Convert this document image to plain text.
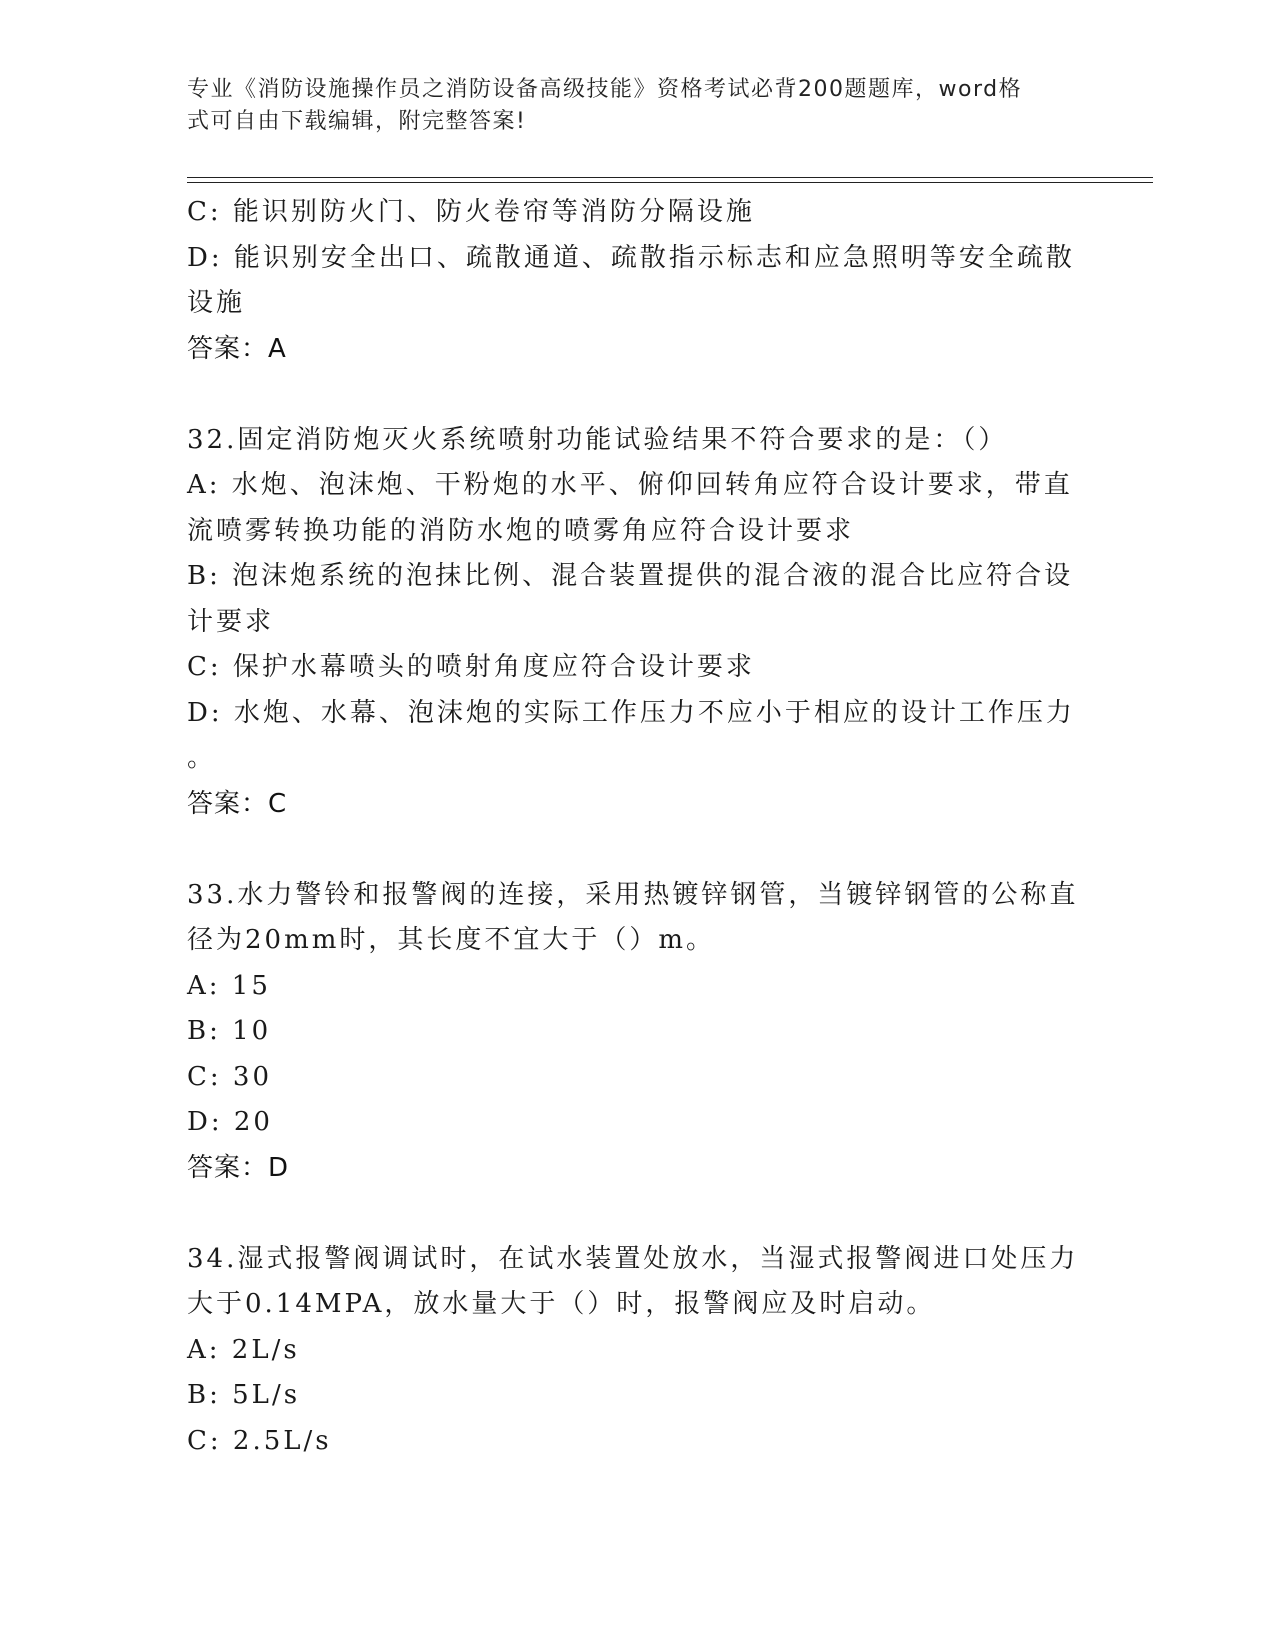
专业《消防设施操作员之消防设备高级技能》资格考试必背200题题库，word格
式可自由下载编辑，附完整答案!
C: 能识别防火门、防火卷帘等消防分隔设施
D: 能识别安全出口、疏散通道、疏散指示标志和应急照明等安全疏散
设施
答案：A
32.固定消防炮灭火系统喷射功能试验结果不符合要求的是：（）
A: 水炮、泡沫炮、干粉炮的水平、俯仰回转角应符合设计要求，带直
流喷雾转换功能的消防水炮的喷雾角应符合设计要求
B: 泡沫炮系统的泡抹比例、混合装置提供的混合液的混合比应符合设
计要求
C: 保护水幕喷头的喷射角度应符合设计要求
D: 水炮、水幕、泡沫炮的实际工作压力不应小于相应的设计工作压力
。
答案：C
33.水力警铃和报警阀的连接，采用热镀锌钢管，当镀锌钢管的公称直
径为20mm时，其长度不宜大于（）m。
A: 15
B: 10
C: 30
D: 20
答案：D
34.湿式报警阀调试时，在试水装置处放水，当湿式报警阀进口处压力
大于0.14MPA，放水量大于（）时，报警阀应及时启动。
A: 2L/s
B: 5L/s
C: 2.5L/s
